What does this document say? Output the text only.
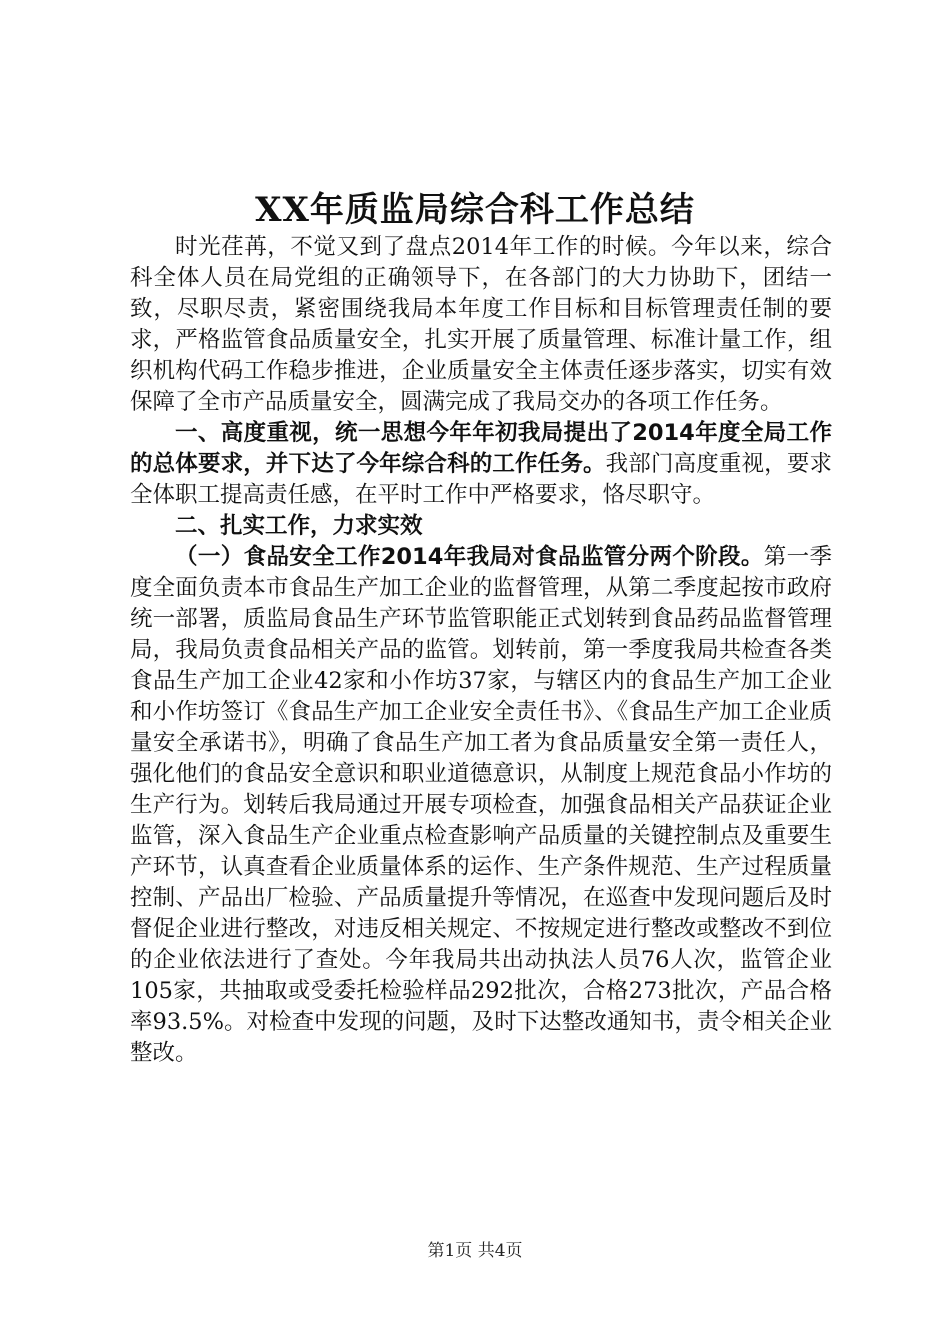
XX年质监局综合科工作总结

时光荏苒，不觉又到了盘点2014年工作的时候。今年以来，综合科全体人员在局党组的正确领导下，在各部门的大力协助下，团结一致，尽职尽责，紧密围绕我局本年度工作目标和目标管理责任制的要求，严格监管食品质量安全，扎实开展了质量管理、标准计量工作，组织机构代码工作稳步推进，企业质量安全主体责任逐步落实，切实有效保障了全市产品质量安全，圆满完成了我局交办的各项工作任务。

一、高度重视，统一思想今年年初我局提出了2014年度全局工作的总体要求，并下达了今年综合科的工作任务。我部门高度重视，要求全体职工提高责任感，在平时工作中严格要求，恪尽职守。

二、扎实工作，力求实效

（一）食品安全工作2014年我局对食品监管分两个阶段。第一季度全面负责本市食品生产加工企业的监督管理，从第二季度起按市政府统一部署，质监局食品生产环节监管职能正式划转到食品药品监督管理局，我局负责食品相关产品的监管。划转前，第一季度我局共检查各类食品生产加工企业42家和小作坊37家，与辖区内的食品生产加工企业和小作坊签订《食品生产加工企业安全责任书》、《食品生产加工企业质量安全承诺书》，明确了食品生产加工者为食品质量安全第一责任人，强化他们的食品安全意识和职业道德意识，从制度上规范食品小作坊的生产行为。划转后我局通过开展专项检查，加强食品相关产品获证企业监管，深入食品生产企业重点检查影响产品质量的关键控制点及重要生产环节，认真查看企业质量体系的运作、生产条件规范、生产过程质量控制、产品出厂检验、产品质量提升等情况，在巡查中发现问题后及时督促企业进行整改，对违反相关规定、不按规定进行整改或整改不到位的企业依法进行了查处。今年我局共出动执法人员76人次，监管企业105家，共抽取或受委托检验样品292批次，合格273批次，产品合格率93.5%。对检查中发现的问题，及时下达整改通知书，责令相关企业整改。

第1页 共4页
